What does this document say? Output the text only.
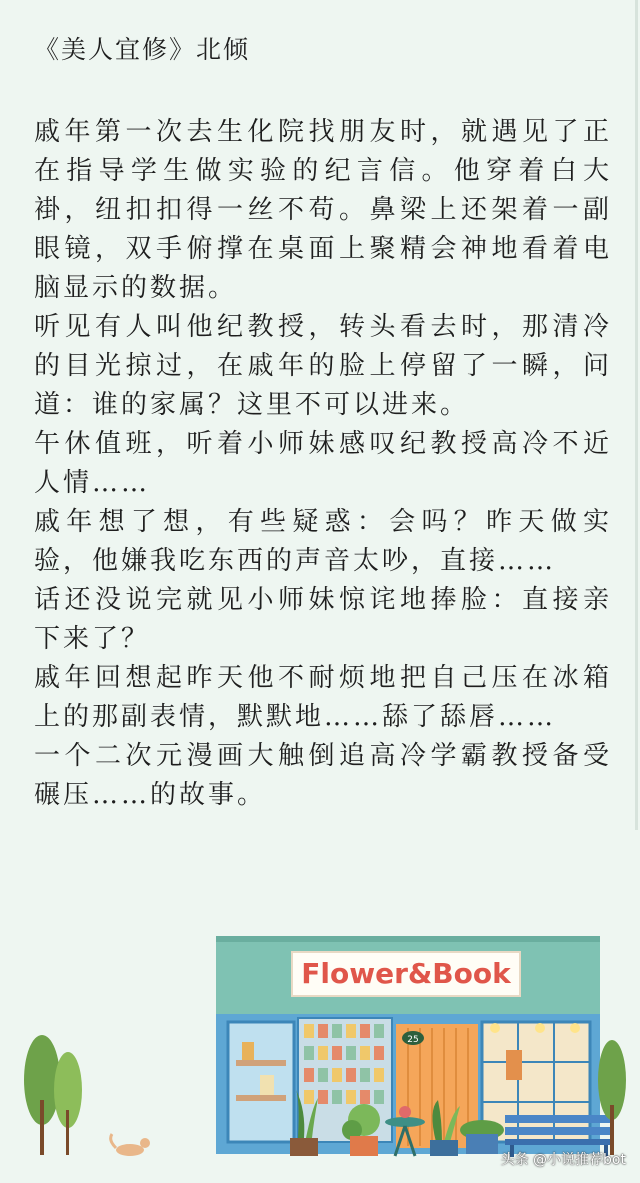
《美人宜修》北倾

戚年第一次去生化院找朋友时，就遇见了正在指导学生做实验的纪言信。他穿着白大褂，纽扣扣得一丝不苟。鼻梁上还架着一副眼镜，双手俯撑在桌面上聚精会神地看着电脑显示的数据。

听见有人叫他纪教授，转头看去时，那清冷的目光掠过，在戚年的脸上停留了一瞬，问道：谁的家属？这里不可以进来。

午休值班，听着小师妹感叹纪教授高冷不近人情……

戚年想了想，有些疑惑：会吗？昨天做实验，他嫌我吃东西的声音太吵，直接……

话还没说完就见小师妹惊诧地捧脸：直接亲下来了？

戚年回想起昨天他不耐烦地把自己压在冰箱上的那副表情，默默地……舔了舔唇……

一个二次元漫画大触倒追高冷学霸教授备受碾压……的故事。

Flower&Book
25
头条 @小说推荐bot
